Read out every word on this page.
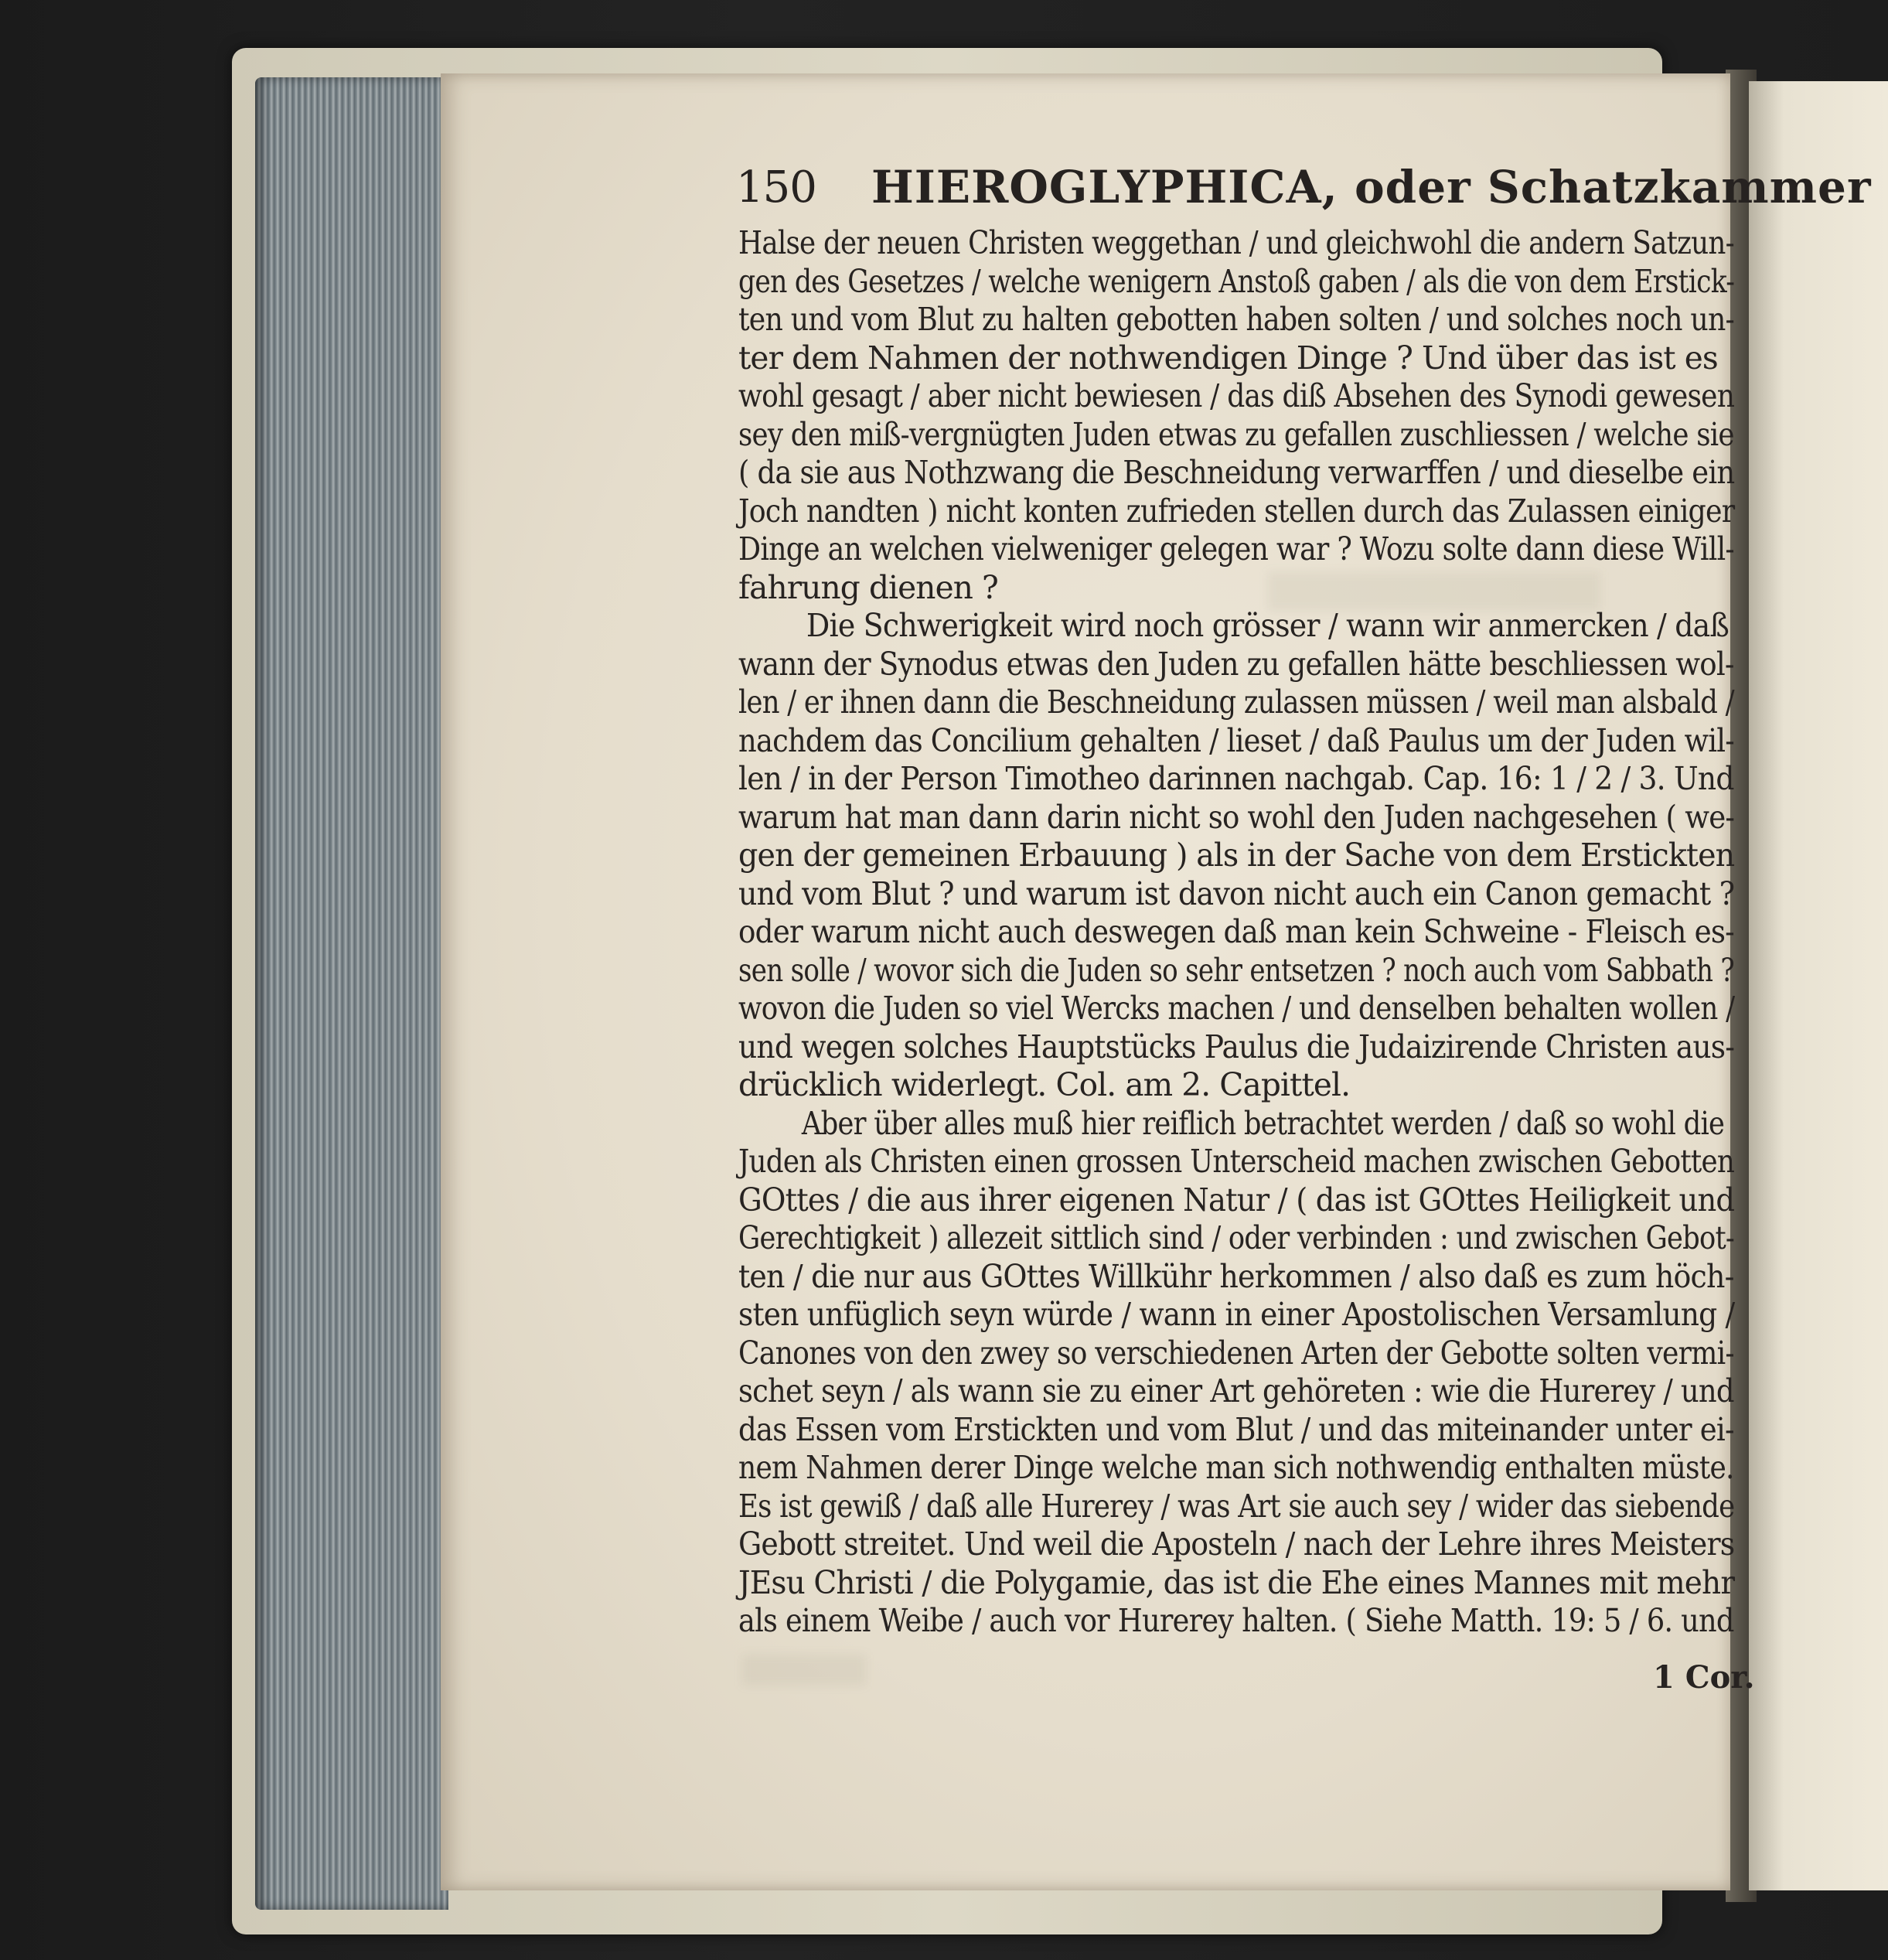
150 HIEROGLYPHICA, oder Schatzkammer
Halse der neuen Christen weggethan / und gleichwohl die andern Satzun-
gen des Gesetzes / welche wenigern Anstoß gaben / als die von dem Erstick-
ten und vom Blut zu halten gebotten haben solten / und solches noch un-
ter dem Nahmen der nothwendigen Dinge ? Und über das ist es
wohl gesagt / aber nicht bewiesen / das diß Absehen des Synodi gewesen
sey den miß-vergnügten Juden etwas zu gefallen zuschliessen / welche sie
( da sie aus Nothzwang die Beschneidung verwarffen / und dieselbe ein
Joch nandten ) nicht konten zufrieden stellen durch das Zulassen einiger
Dinge an welchen vielweniger gelegen war ? Wozu solte dann diese Will-
fahrung dienen ?
Die Schwerigkeit wird noch grösser / wann wir anmercken / daß
wann der Synodus etwas den Juden zu gefallen hätte beschliessen wol-
len / er ihnen dann die Beschneidung zulassen müssen / weil man alsbald /
nachdem das Concilium gehalten / lieset / daß Paulus um der Juden wil-
len / in der Person Timotheo darinnen nachgab. Cap. 16: 1 / 2 / 3. Und
warum hat man dann darin nicht so wohl den Juden nachgesehen ( we-
gen der gemeinen Erbauung ) als in der Sache von dem Erstickten
und vom Blut ? und warum ist davon nicht auch ein Canon gemacht ?
oder warum nicht auch deswegen daß man kein Schweine - Fleisch es-
sen solle / wovor sich die Juden so sehr entsetzen ? noch auch vom Sabbath ?
wovon die Juden so viel Wercks machen / und denselben behalten wollen /
und wegen solches Hauptstücks Paulus die Judaizirende Christen aus-
drücklich widerlegt. Col. am 2. Capittel.
Aber über alles muß hier reiflich betrachtet werden / daß so wohl die
Juden als Christen einen grossen Unterscheid machen zwischen Gebotten
GOttes / die aus ihrer eigenen Natur / ( das ist GOttes Heiligkeit und
Gerechtigkeit ) allezeit sittlich sind / oder verbinden : und zwischen Gebot-
ten / die nur aus GOttes Willkühr herkommen / also daß es zum höch-
sten unfüglich seyn würde / wann in einer Apostolischen Versamlung /
Canones von den zwey so verschiedenen Arten der Gebotte solten vermi-
schet seyn / als wann sie zu einer Art gehöreten : wie die Hurerey / und
das Essen vom Erstickten und vom Blut / und das miteinander unter ei-
nem Nahmen derer Dinge welche man sich nothwendig enthalten müste.
Es ist gewiß / daß alle Hurerey / was Art sie auch sey / wider das siebende
Gebott streitet. Und weil die Aposteln / nach der Lehre ihres Meisters
JEsu Christi / die Polygamie, das ist die Ehe eines Mannes mit mehr
als einem Weibe / auch vor Hurerey halten. ( Siehe Matth. 19: 5 / 6. und
1 Cor.
